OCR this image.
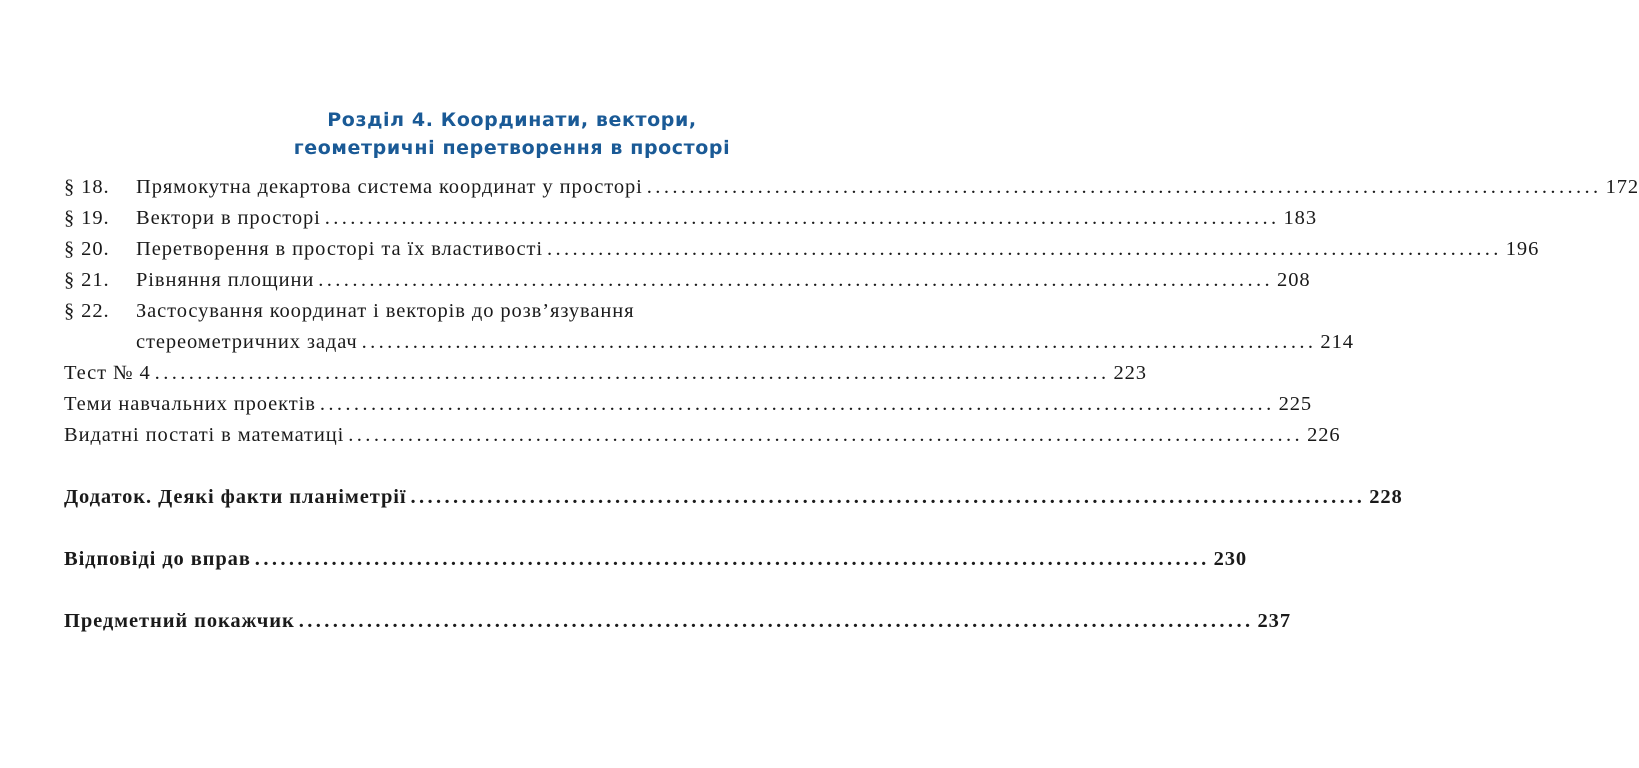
Розділ 4. Координати, вектори,
геометричні перетворення в просторі
§ 18.	Прямокутна декартова система координат у просторі ................................................................................................................ 172
§ 19.	Вектори в просторі ................................................................................................................ 183
§ 20.	Перетворення в просторі та їх властивості ................................................................................................................ 196
§ 21.	Рівняння площини ................................................................................................................ 208
§ 22.	Застосування координат і векторів до розв’язування
стереометричних задач ................................................................................................................ 214
Тест № 4 ................................................................................................................ 223
Теми навчальних проектів ................................................................................................................ 225
Видатні постаті в математиці ................................................................................................................ 226
Додаток. Деякі факти планіметрії ................................................................................................................ 228
Відповіді до вправ ................................................................................................................ 230
Предметний покажчик ................................................................................................................ 237
